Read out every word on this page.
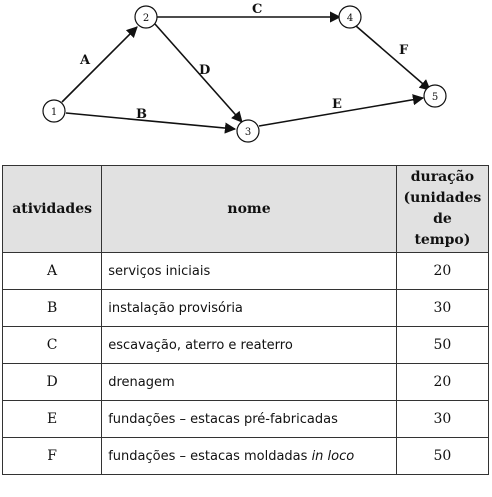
A
B
C
D
E
F
1
2
3
4
5
atividades	nome	duração
(unidades
de tempo)
A	serviços iniciais	20
B	instalação provisória	30
C	escavação, aterro e reaterro	50
D	drenagem	20
E	fundações – estacas pré-fabricadas	30
F	fundações – estacas moldadas in loco	50
